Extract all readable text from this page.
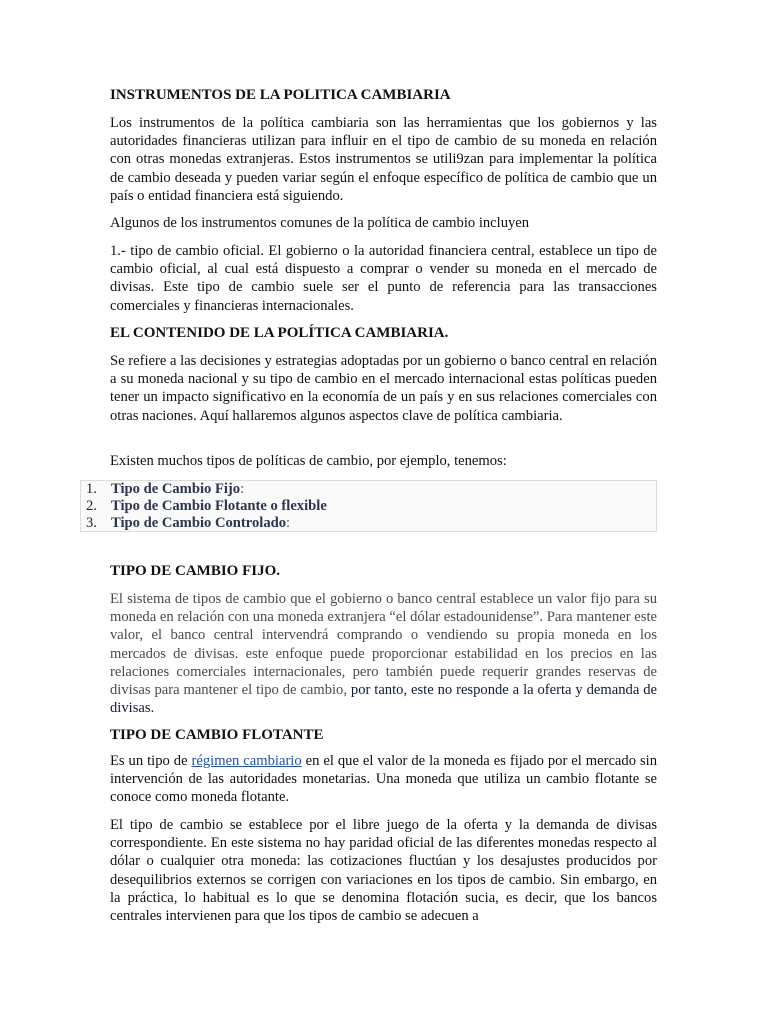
INSTRUMENTOS DE LA POLITICA CAMBIARIA
Los instrumentos de la política cambiaria son las herramientas que los gobiernos y las autoridades financieras utilizan para influir en el tipo de cambio de su moneda en relación con otras monedas extranjeras. Estos instrumentos se utili9zan para implementar la política de cambio deseada y pueden variar según el enfoque específico de política de cambio que un país o entidad financiera está siguiendo.
Algunos de los instrumentos comunes de la política de cambio incluyen
1.- tipo de cambio oficial. El gobierno o la autoridad financiera central, establece un tipo de cambio oficial, al cual está dispuesto a comprar o vender su moneda en el mercado de divisas. Este tipo de cambio suele ser el punto de referencia para las transacciones comerciales y financieras internacionales.
EL CONTENIDO DE LA POLÍTICA CAMBIARIA.
Se refiere a las decisiones y estrategias adoptadas por un gobierno o banco central en relación a su moneda nacional y su tipo de cambio en el mercado internacional estas políticas pueden tener un impacto significativo en la economía de un país y en sus relaciones comerciales con otras naciones. Aquí hallaremos algunos aspectos clave de política cambiaria.
Existen muchos tipos de políticas de cambio, por ejemplo, tenemos:
1. Tipo de Cambio Fijo:
2. Tipo de Cambio Flotante o flexible
3. Tipo de Cambio Controlado:
TIPO DE CAMBIO FIJO.
El sistema de tipos de cambio que el gobierno o banco central establece un valor fijo para su moneda en relación con una moneda extranjera “el dólar estadounidense”. Para mantener este valor, el banco central intervendrá comprando o vendiendo su propia moneda en los mercados de divisas. este enfoque puede proporcionar estabilidad en los precios en las relaciones comerciales internacionales, pero también puede requerir grandes reservas de divisas para mantener el tipo de cambio, por tanto, este no responde a la oferta y demanda de divisas.
TIPO DE CAMBIO FLOTANTE
Es un tipo de régimen cambiario en el que el valor de la moneda es fijado por el mercado sin intervención de las autoridades monetarias. Una moneda que utiliza un cambio flotante se conoce como moneda flotante.
El tipo de cambio se establece por el libre juego de la oferta y la demanda de divisas correspondiente. En este sistema no hay paridad oficial de las diferentes monedas respecto al dólar o cualquier otra moneda: las cotizaciones fluctúan y los desajustes producidos por desequilibrios externos se corrigen con variaciones en los tipos de cambio. Sin embargo, en la práctica, lo habitual es lo que se denomina flotación sucia, es decir, que los bancos centrales intervienen para que los tipos de cambio se adecuen a
